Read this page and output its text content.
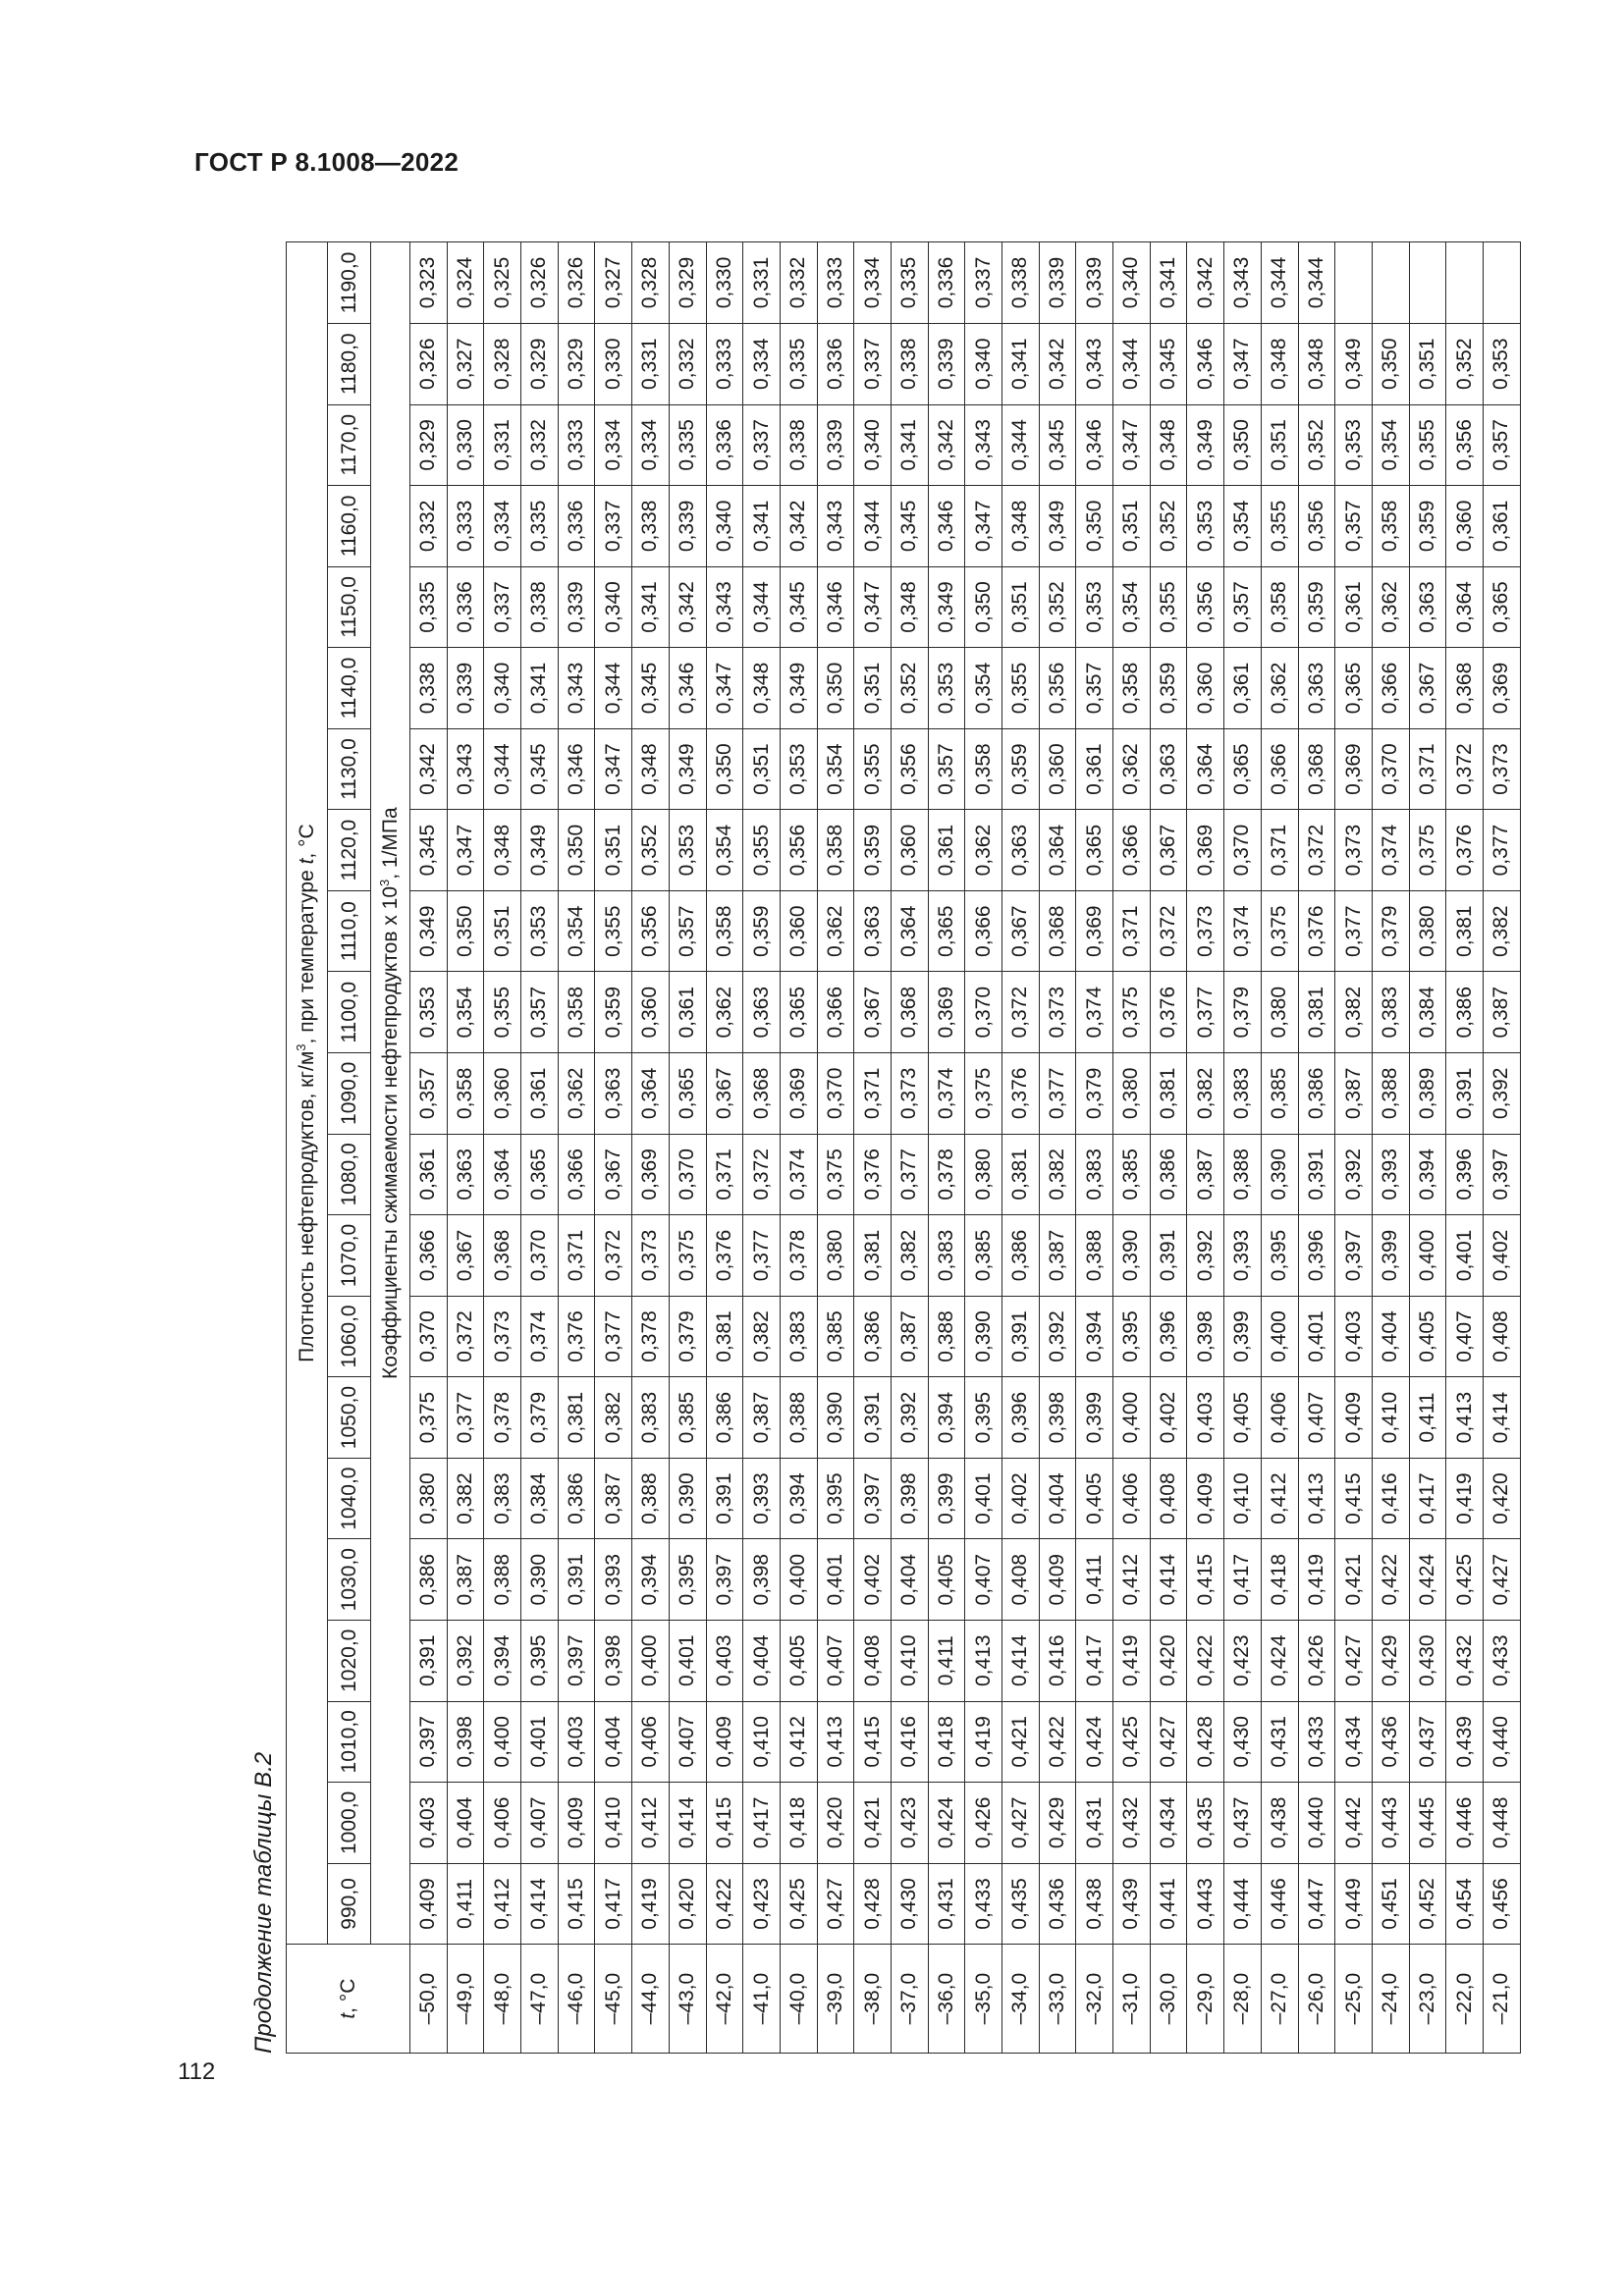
ГОСТ Р 8.1008—2022
112
Продолжение таблицы В.2	t, °C	Плотность нефтепродуктов, $кг/м^3$, при температуре t, °C																				
	990,0	1000,0	1010,0	1020,0	1030,0	1040,0	1050,0	1060,0	1070,0	1080,0	1090,0	1100,0	1110,0	1120,0	1130,0	1140,0	1150,0	1160,0	1170,0	1180,0	1190,0
	Коэффициенты сжимаемости нефтепродуктов х $10^3$, 1/МПа																				
–50,0	0,409	0,403	0,397	0,391	0,386	0,380	0,375	0,370	0,366	0,361	0,357	0,353	0,349	0,345	0,342	0,338	0,335	0,332	0,329	0,326	0,323
–49,0	0,411	0,404	0,398	0,392	0,387	0,382	0,377	0,372	0,367	0,363	0,358	0,354	0,350	0,347	0,343	0,339	0,336	0,333	0,330	0,327	0,324
–48,0	0,412	0,406	0,400	0,394	0,388	0,383	0,378	0,373	0,368	0,364	0,360	0,355	0,351	0,348	0,344	0,340	0,337	0,334	0,331	0,328	0,325
–47,0	0,414	0,407	0,401	0,395	0,390	0,384	0,379	0,374	0,370	0,365	0,361	0,357	0,353	0,349	0,345	0,341	0,338	0,335	0,332	0,329	0,326
–46,0	0,415	0,409	0,403	0,397	0,391	0,386	0,381	0,376	0,371	0,366	0,362	0,358	0,354	0,350	0,346	0,343	0,339	0,336	0,333	0,329	0,326
–45,0	0,417	0,410	0,404	0,398	0,393	0,387	0,382	0,377	0,372	0,367	0,363	0,359	0,355	0,351	0,347	0,344	0,340	0,337	0,334	0,330	0,327
–44,0	0,419	0,412	0,406	0,400	0,394	0,388	0,383	0,378	0,373	0,369	0,364	0,360	0,356	0,352	0,348	0,345	0,341	0,338	0,334	0,331	0,328
–43,0	0,420	0,414	0,407	0,401	0,395	0,390	0,385	0,379	0,375	0,370	0,365	0,361	0,357	0,353	0,349	0,346	0,342	0,339	0,335	0,332	0,329
–42,0	0,422	0,415	0,409	0,403	0,397	0,391	0,386	0,381	0,376	0,371	0,367	0,362	0,358	0,354	0,350	0,347	0,343	0,340	0,336	0,333	0,330
–41,0	0,423	0,417	0,410	0,404	0,398	0,393	0,387	0,382	0,377	0,372	0,368	0,363	0,359	0,355	0,351	0,348	0,344	0,341	0,337	0,334	0,331
–40,0	0,425	0,418	0,412	0,405	0,400	0,394	0,388	0,383	0,378	0,374	0,369	0,365	0,360	0,356	0,353	0,349	0,345	0,342	0,338	0,335	0,332
–39,0	0,427	0,420	0,413	0,407	0,401	0,395	0,390	0,385	0,380	0,375	0,370	0,366	0,362	0,358	0,354	0,350	0,346	0,343	0,339	0,336	0,333
–38,0	0,428	0,421	0,415	0,408	0,402	0,397	0,391	0,386	0,381	0,376	0,371	0,367	0,363	0,359	0,355	0,351	0,347	0,344	0,340	0,337	0,334
–37,0	0,430	0,423	0,416	0,410	0,404	0,398	0,392	0,387	0,382	0,377	0,373	0,368	0,364	0,360	0,356	0,352	0,348	0,345	0,341	0,338	0,335
–36,0	0,431	0,424	0,418	0,411	0,405	0,399	0,394	0,388	0,383	0,378	0,374	0,369	0,365	0,361	0,357	0,353	0,349	0,346	0,342	0,339	0,336
–35,0	0,433	0,426	0,419	0,413	0,407	0,401	0,395	0,390	0,385	0,380	0,375	0,370	0,366	0,362	0,358	0,354	0,350	0,347	0,343	0,340	0,337
–34,0	0,435	0,427	0,421	0,414	0,408	0,402	0,396	0,391	0,386	0,381	0,376	0,372	0,367	0,363	0,359	0,355	0,351	0,348	0,344	0,341	0,338
–33,0	0,436	0,429	0,422	0,416	0,409	0,404	0,398	0,392	0,387	0,382	0,377	0,373	0,368	0,364	0,360	0,356	0,352	0,349	0,345	0,342	0,339
–32,0	0,438	0,431	0,424	0,417	0,411	0,405	0,399	0,394	0,388	0,383	0,379	0,374	0,369	0,365	0,361	0,357	0,353	0,350	0,346	0,343	0,339
–31,0	0,439	0,432	0,425	0,419	0,412	0,406	0,400	0,395	0,390	0,385	0,380	0,375	0,371	0,366	0,362	0,358	0,354	0,351	0,347	0,344	0,340
–30,0	0,441	0,434	0,427	0,420	0,414	0,408	0,402	0,396	0,391	0,386	0,381	0,376	0,372	0,367	0,363	0,359	0,355	0,352	0,348	0,345	0,341
–29,0	0,443	0,435	0,428	0,422	0,415	0,409	0,403	0,398	0,392	0,387	0,382	0,377	0,373	0,369	0,364	0,360	0,356	0,353	0,349	0,346	0,342
–28,0	0,444	0,437	0,430	0,423	0,417	0,410	0,405	0,399	0,393	0,388	0,383	0,379	0,374	0,370	0,365	0,361	0,357	0,354	0,350	0,347	0,343
–27,0	0,446	0,438	0,431	0,424	0,418	0,412	0,406	0,400	0,395	0,390	0,385	0,380	0,375	0,371	0,366	0,362	0,358	0,355	0,351	0,348	0,344
–26,0	0,447	0,440	0,433	0,426	0,419	0,413	0,407	0,401	0,396	0,391	0,386	0,381	0,376	0,372	0,368	0,363	0,359	0,356	0,352	0,348	0,344
–25,0	0,449	0,442	0,434	0,427	0,421	0,415	0,409	0,403	0,397	0,392	0,387	0,382	0,377	0,373	0,369	0,365	0,361	0,357	0,353	0,349	
–24,0	0,451	0,443	0,436	0,429	0,422	0,416	0,410	0,404	0,399	0,393	0,388	0,383	0,379	0,374	0,370	0,366	0,362	0,358	0,354	0,350	
–23,0	0,452	0,445	0,437	0,430	0,424	0,417	0,411	0,405	0,400	0,394	0,389	0,384	0,380	0,375	0,371	0,367	0,363	0,359	0,355	0,351	
–22,0	0,454	0,446	0,439	0,432	0,425	0,419	0,413	0,407	0,401	0,396	0,391	0,386	0,381	0,376	0,372	0,368	0,364	0,360	0,356	0,352	
–21,0	0,456	0,448	0,440	0,433	0,427	0,420	0,414	0,408	0,402	0,397	0,392	0,387	0,382	0,377	0,373	0,369	0,365	0,361	0,357	0,353	
